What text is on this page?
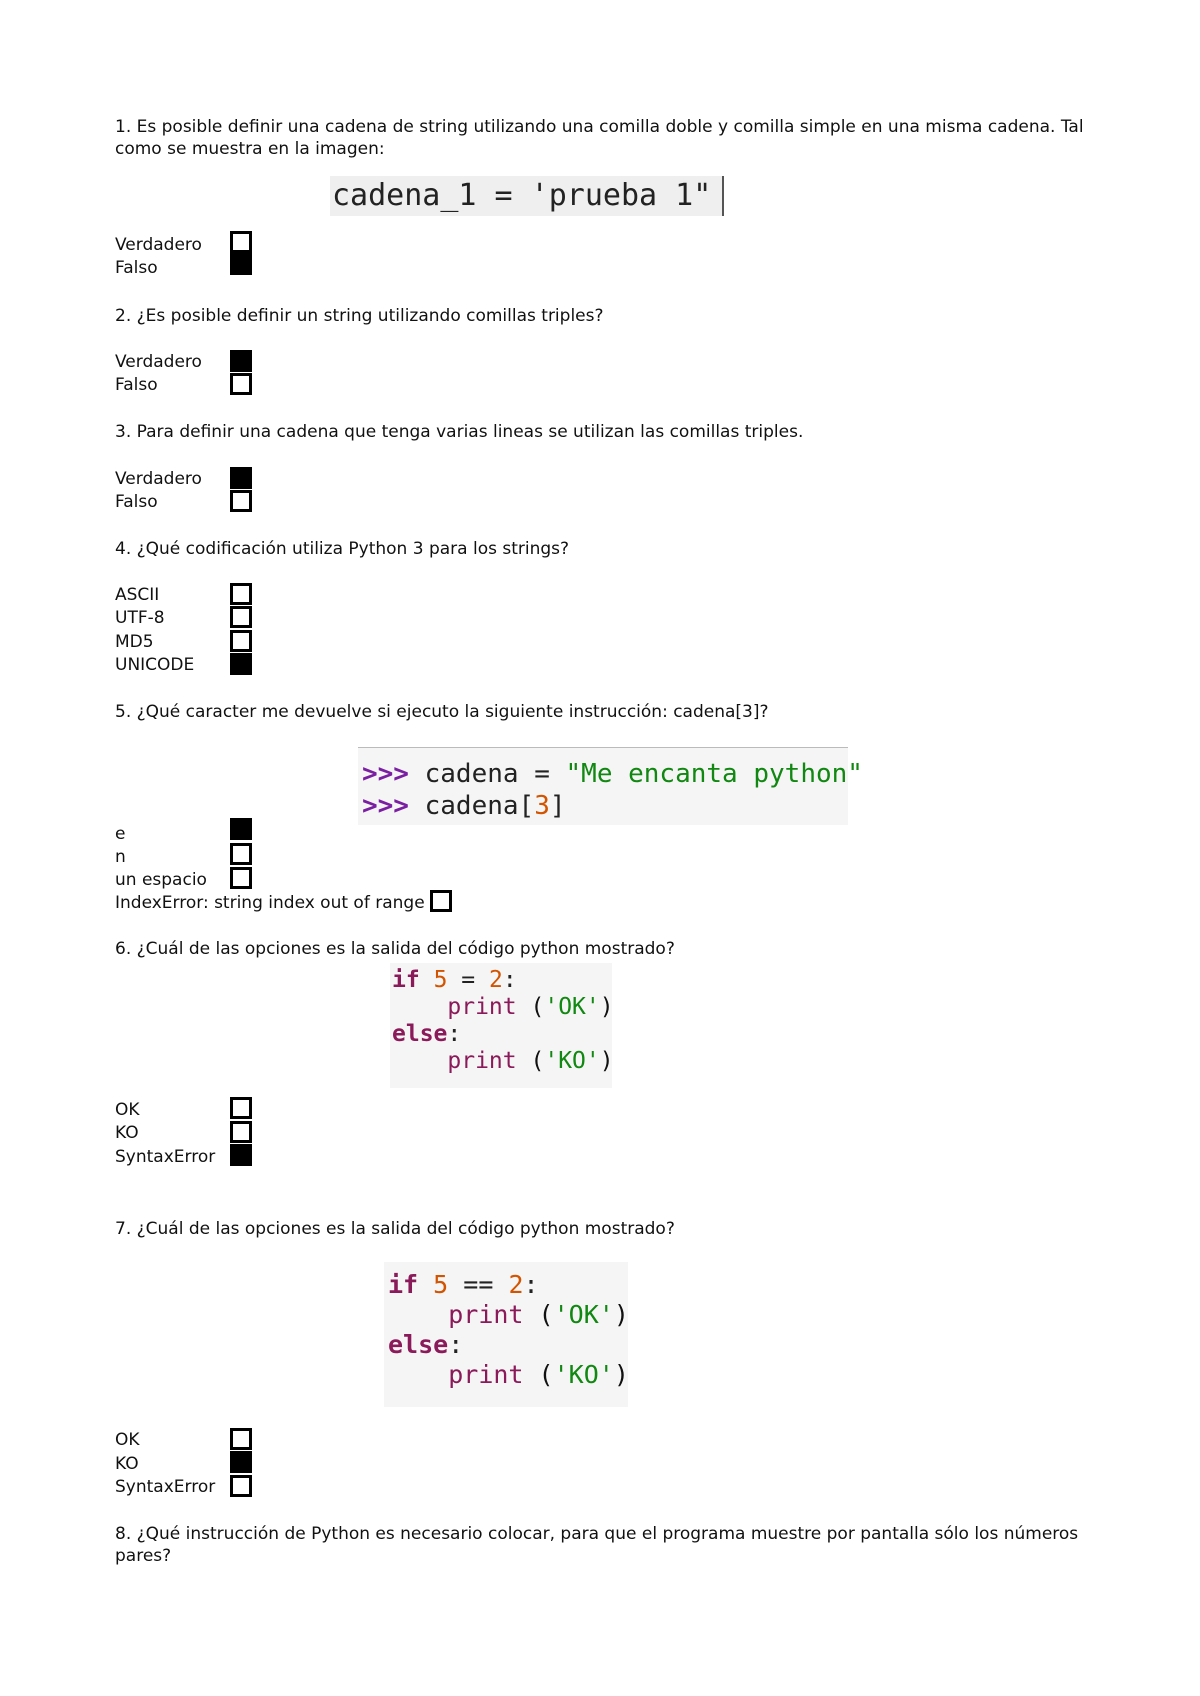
1. Es posible definir una cadena de string utilizando una comilla doble y comilla simple en una misma cadena. Tal como se muestra en la imagen:
cadena_1 = 'prueba 1"
Verdadero
Falso
2. ¿Es posible definir un string utilizando comillas triples?
Verdadero
Falso
3. Para definir una cadena que tenga varias lineas se utilizan las comillas triples.
Verdadero
Falso
4. ¿Qué codificación utiliza Python 3 para los strings?
ASCII
UTF-8
MD5
UNICODE
5. ¿Qué caracter me devuelve si ejecuto la siguiente instrucción: cadena[3]?
>>> cadena = "Me encanta python"
>>> cadena[3]
e
n
un espacio
IndexError: string index out of range
6. ¿Cuál de las opciones es la salida del código python mostrado?
if 5 = 2:
print ('OK')
else:
print ('KO')
OK
KO
SyntaxError
7. ¿Cuál de las opciones es la salida del código python mostrado?
if 5 == 2:
print ('OK')
else:
print ('KO')
OK
KO
SyntaxError
8. ¿Qué instrucción de Python es necesario colocar, para que el programa muestre por pantalla sólo los números pares?
